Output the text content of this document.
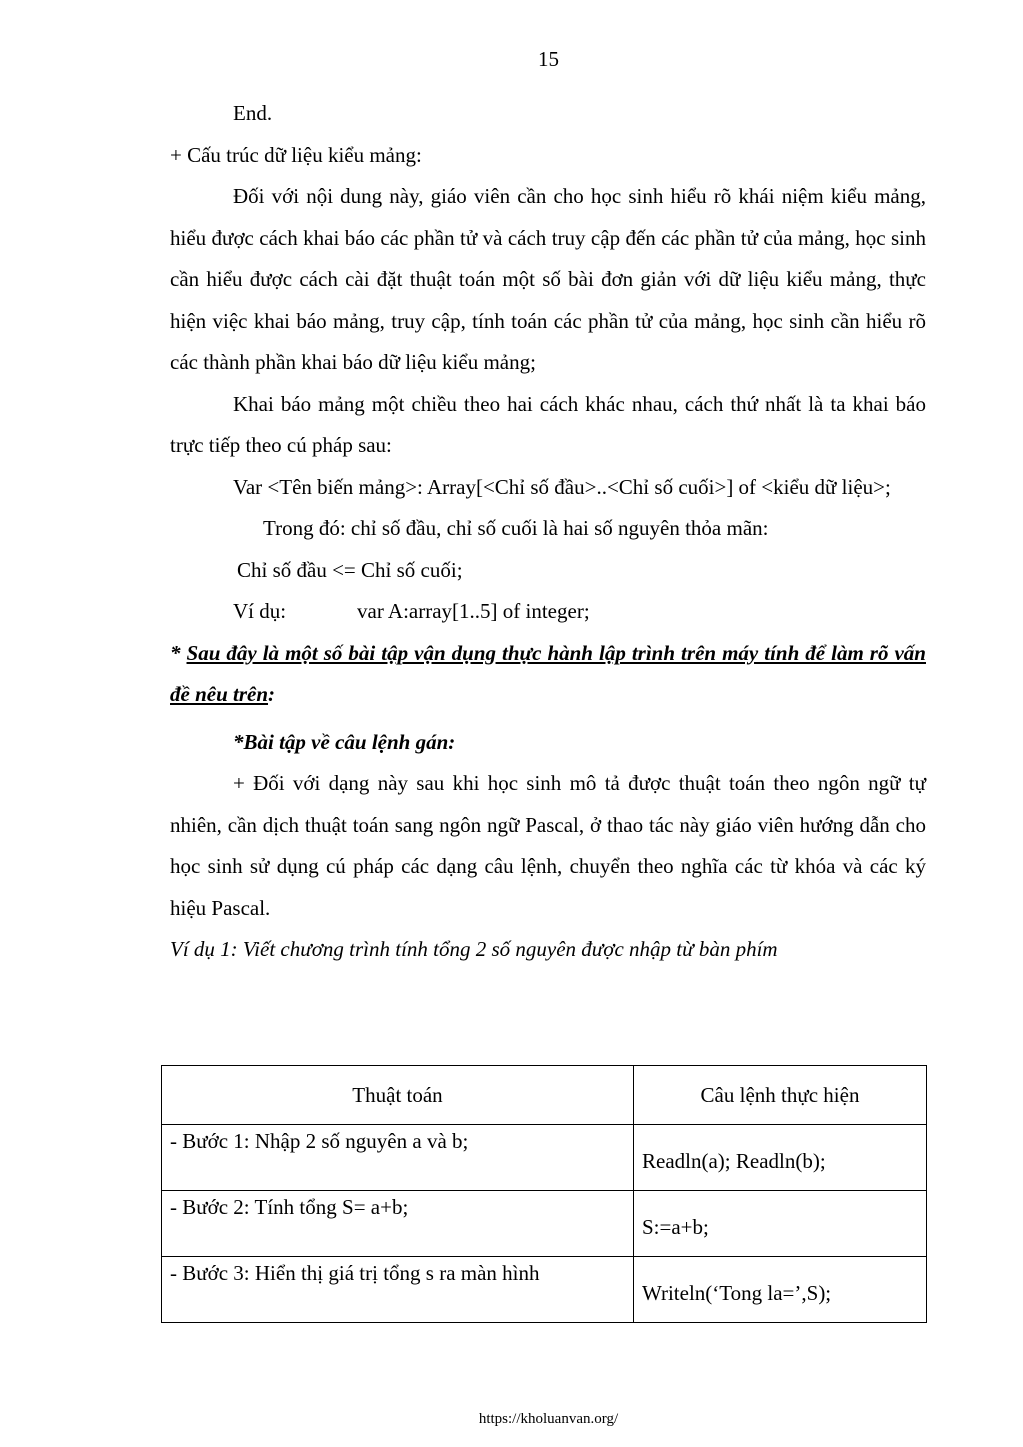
15

End.

+ Cấu trúc dữ liệu kiểu mảng:

Đối với nội dung này, giáo viên cần cho học sinh hiểu rõ khái niệm kiểu mảng, hiểu được cách khai báo các phần tử và cách truy cập đến các phần tử của mảng, học sinh cần hiểu được cách cài đặt thuật toán một số bài đơn giản với dữ liệu kiểu mảng, thực hiện việc khai báo mảng, truy cập, tính toán các phần tử của mảng, học sinh cần hiểu rõ các thành phần khai báo dữ liệu kiểu mảng;

Khai báo mảng một chiều theo hai cách khác nhau, cách thứ nhất là ta khai báo trực tiếp theo cú pháp sau:

Var <Tên biến mảng>: Array[<Chỉ số đầu>..<Chỉ số cuối>] of <kiểu dữ liệu>;

Trong đó: chỉ số đầu, chỉ số cuối là hai số nguyên thỏa mãn:

Chỉ số đầu <= Chỉ số cuối;

Ví dụ:	var A:array[1..5] of integer;

* Sau đây là một số bài tập vận dụng thực hành lập trình trên máy tính để làm rõ vấn đề nêu trên:

*Bài tập về câu lệnh gán:

+ Đối với dạng này sau khi học sinh mô tả được thuật toán theo ngôn ngữ tự nhiên, cần dịch thuật toán sang ngôn ngữ Pascal, ở thao tác này giáo viên hướng dẫn cho học sinh sử dụng cú pháp các dạng câu lệnh, chuyển theo nghĩa các từ khóa và các ký hiệu Pascal.

Ví dụ 1: Viết chương trình tính tổng 2 số nguyên được nhập từ bàn phím

Thuật toán	Câu lệnh thực hiện
- Bước 1: Nhập 2 số nguyên a và b;	Readln(a); Readln(b);
- Bước 2: Tính tổng S= a+b;	S:=a+b;
- Bước 3: Hiển thị giá trị tổng s ra màn hình	Writeln(‘Tong la=’,S);
https://kholuanvan.org/
